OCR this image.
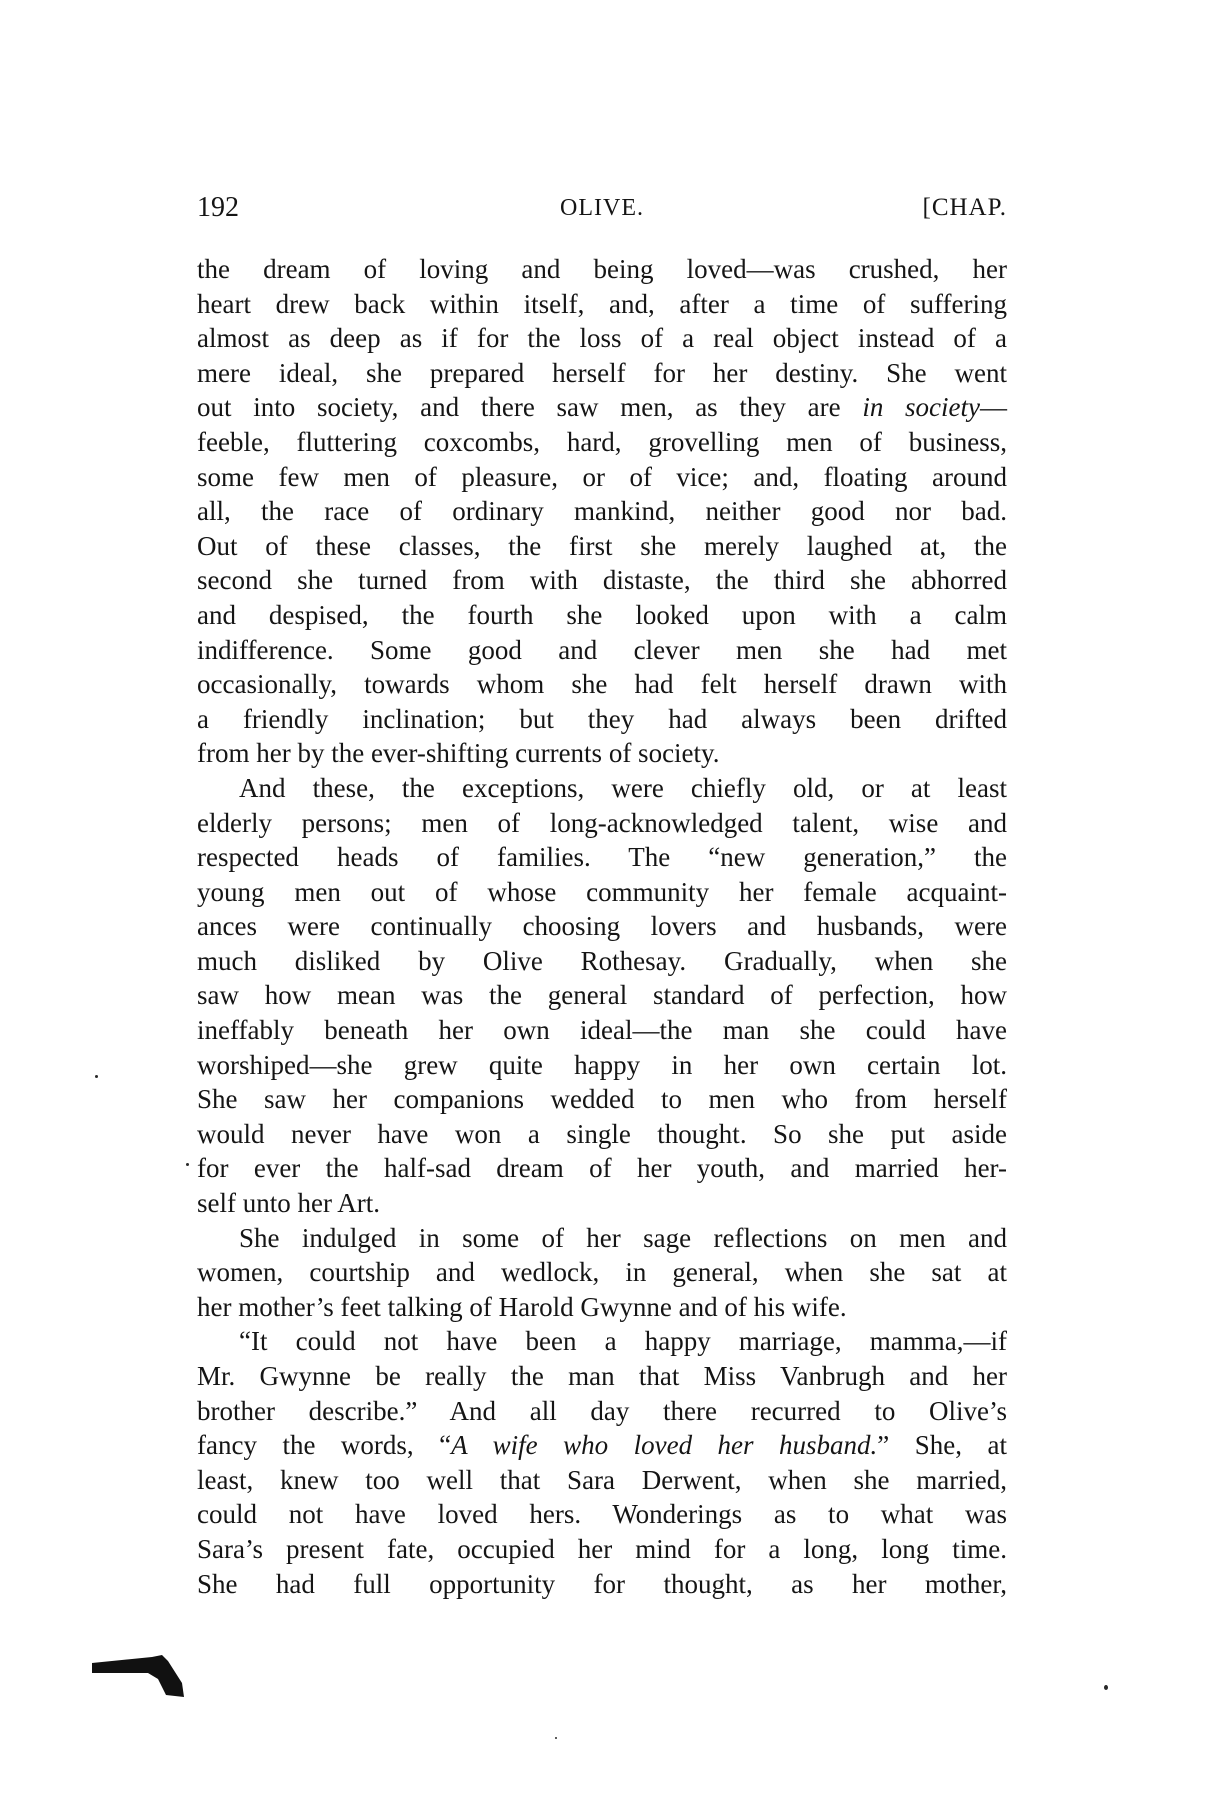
192	OLIVE.	[CHAP.
the dream of loving and being loved—was crushed, her
heart drew back within itself, and, after a time of suffering
almost as deep as if for the loss of a real object instead of a
mere ideal, she prepared herself for her destiny. She went
out into society, and there saw men, as they are in society—
feeble, fluttering coxcombs, hard, grovelling men of business,
some few men of pleasure, or of vice; and, floating around
all, the race of ordinary mankind, neither good nor bad.
Out of these classes, the first she merely laughed at, the
second she turned from with distaste, the third she abhorred
and despised, the fourth she looked upon with a calm
indifference. Some good and clever men she had met
occasionally, towards whom she had felt herself drawn with
a friendly inclination; but they had always been drifted
from her by the ever-shifting currents of society.
And these, the exceptions, were chiefly old, or at least
elderly persons; men of long-acknowledged talent, wise and
respected heads of families. The “new generation,” the
young men out of whose community her female acquaint-
ances were continually choosing lovers and husbands, were
much disliked by Olive Rothesay. Gradually, when she
saw how mean was the general standard of perfection, how
ineffably beneath her own ideal—the man she could have
worshiped—she grew quite happy in her own certain lot.
She saw her companions wedded to men who from herself
would never have won a single thought. So she put aside
for ever the half-sad dream of her youth, and married her-
self unto her Art.
She indulged in some of her sage reflections on men and
women, courtship and wedlock, in general, when she sat at
her mother’s feet talking of Harold Gwynne and of his wife.
“It could not have been a happy marriage, mamma,—if
Mr. Gwynne be really the man that Miss Vanbrugh and her
brother describe.” And all day there recurred to Olive’s
fancy the words, “A wife who loved her husband.” She, at
least, knew too well that Sara Derwent, when she married,
could not have loved hers. Wonderings as to what was
Sara’s present fate, occupied her mind for a long, long time.
She had full opportunity for thought, as her mother,
